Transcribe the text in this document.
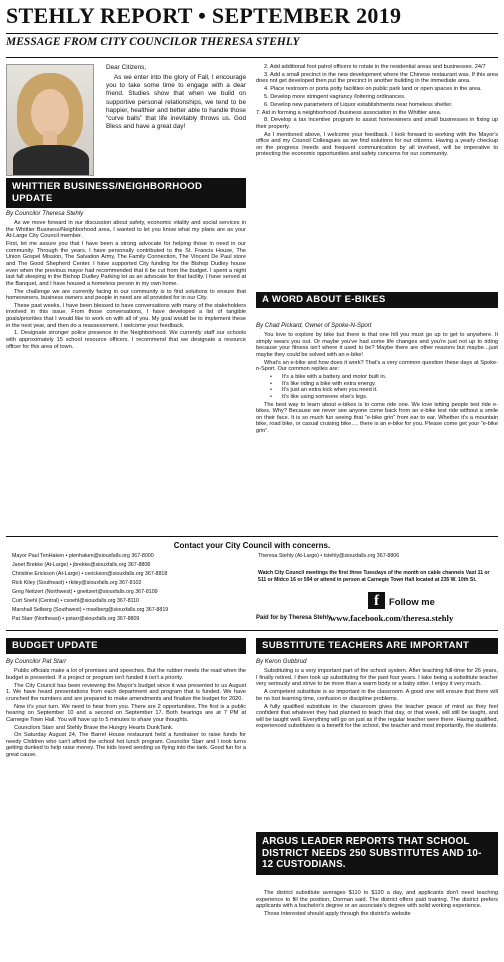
STEHLY REPORT • SEPTEMBER 2019
MESSAGE FROM CITY COUNCILOR THERESA STEHLY

Dear Citizens,

As we enter into the glory of Fall, I encourage you to take some time to engage with a dear friend. Studies show that when we build on supportive personal relationships, we tend to be happier, healthier and better able to handle those “curve balls” that life inevitably throws us. God Bless and have a great day!

WHITTIER BUSINESS/NEIGHBORHOOD UPDATE
By Councilor Theresa Stehly

As we move forward in our discussion about safety, economic vitality and social services in the Whittier Business/Neighborhood area, I wanted to let you know what my plans are as your At-Large City Council member.

First, let me assure you that I have been a strong advocate for helping those in need in our community. Through the years, I have personally contributed to the St. Francis House, The Union Gospel Mission, The Salvation Army, The Family Connection, The Vincent De Paul store and The Good Shepherd Center. I have supported City funding for the Bishop Dudley house even when the previous mayor had recommended that it be cut from the budget. I spent a night last fall sleeping in the Bishop Dudley Parking lot as an advocate for that facility. I have served at the Banquet, and I have housed a homeless person in my own home.

The challenge we are currently facing in our community is to find solutions to ensure that homeowners, business owners and people in need are all provided for in our City.

These past weeks, I have been blessed to have conversations with many of the stakeholders involved in this issue. From those conversations, I have developed a list of tangible goals/priorities that I would like to work on with all of you. My goal would be to implement these in the next year, and then do a reassessment. I welcome your feedback.

1. Designate stronger police presence in the Neighborhood. We currently staff our schools with approximately 15 school resource officers. I recommend that we designate a resource officer for this area of town.

2. Add additional foot patrol officers to rotate in the residential areas and businesses. 24/7

3. Add a small precinct in the new development where the Chinese restaurant was. If this area does not get developed then put the precinct in another building in the immediate area.

4. Place restroom or porta potty facilities on public park land or open spaces in the area.

5. Develop more stringent vagrancy /loitering ordinances.

6. Develop new parameters of Liquor establishments near homeless shelter.

7. Aid in forming a neighborhood /business association in the Whittier area.

8. Develop a tax incentive program to assist homeowners and small businesses in fixing up their property.

As I mentioned above, I welcome your feedback. I look forward to working with the Mayor's office and my Council Colleagues as we find solutions for our citizens. Having a yearly checkup on the progress /needs and frequent communication by all involved, will be imperative to protecting the economic opportunities and safety concerns for our community.

A WORD ABOUT E-BIKES
By Chad Pickard, Owner of Spoke-N-Sport

You love to explore by bike but there is that one hill you must go up to get to anywhere. It simply wears you out. Or maybe you've had some life changes and you're just not up to riding because your fitness isn't where it used to be? Maybe there are other reasons but maybe…just maybe they could be solved with an e-bike!

What's an e-bike and how does it work? That's a very common question these days at Spoke-n-Sport. Our common replies are:

• It's a bike with a battery and motor built in.
• It's like riding a bike with extra energy.
• It's just an extra kick when you need it.
• It's like using someone else's legs.

The best way to learn about e-bikes is to come ride one. We love letting people test ride e-bikes. Why? Because we never see anyone come back from an e-bike test ride without a smile on their face. It is so much fun seeing that “e-bike grin” from ear to ear. Whether it's a mountain bike, road bike, or casual cruising bike…. there is an e-bike for you. Please come get your “e-bike grin”.

Contact your City Council with concerns.
Mayor Paul TenHaken • ptenhaken@siouxfalls.org 367-8000
Janet Brekke (At-Large) • jbrekke@siouxfalls.org 367-8808
Christine Erickson (At-Large) • cerickson@siouxfalls.org 367-8818
Rick Kiley (Southeast) • rkiley@siouxfalls.org 367-8102
Greg Neitzert (Northwest) • gneitzert@siouxfalls.org 367-8109
Curt Soehl (Central) • csoehl@siouxfalls.org 367-8110
Marshall Selberg (Southwest) • mselberg@siouxfalls.org 367-8819
Pat Starr (Northeast) • pstarr@siouxfalls.org 367-8809
Theresa Stehly (At-Large) • tstehly@siouxfalls.org 367-8806
Watch City Council meetings the first three Tuesdays of the month on cable channels Vast 11 or 511 or Midco 16 or 594 or attend in person at Carnegie Town Hall located at 235 W. 10th St.
f	Follow me
Paid for by Theresa Stehly
www.facebook.com/theresa.stehly
BUDGET UPDATE
By Councilor Pat Starr

Public officials make a lot of promises and speeches. But the rubber meets the road when the budget is presented. If a project or program isn't funded it isn't a priority.

The City Council has been reviewing the Mayor's budget since it was presented to us August 1. We have heard presentations from each department and program that is funded. We have crunched the numbers and are prepared to make amendments and finalize the budget for 2020.

Now it's your turn. We need to hear from you. There are 2 opportunities. The first is a public hearing on September 10 and a second on September 17. Both hearings are at 7 PM at Carnegie Town Hall. You will have up to 5 minutes to share your thoughts.

Councilors Starr and Stehly Brave the Hungry Hearts DunkTank.

On Saturday August 24, The Barrel House restaurant held a fundraiser to raise funds for needy Children who can't afford the school hot lunch program. Councilor Starr and I took turns getting dunked to help raise money. The kids loved sending us flying into the tank. Good fun for a great cause.

SUBSTITUTE TEACHERS ARE IMPORTANT
By Keron Gubbrud

Substituting is a very important part of the school system. After teaching full-time for 26 years, I finally retired. I then took up substituting for the past four years. I take being a substitute teacher very seriously and strive to be more than a warm body or a baby sitter. I enjoy it very much.

A competent substitute is so important in the classroom. A good one will ensure that there will be no lost learning time, confusion or discipline problems.

A fully qualified substitute in the classroom gives the teacher peace of mind as they feel confident that whatever they had planned to teach that day, or that week, will still be taught, and will be taught well. Everything will go on just as if the regular teacher were there. Having qualified, experienced substitutes is a benefit for the school, the teacher and most importantly, the students.

ARGUS LEADER REPORTS THAT SCHOOL DISTRICT NEEDS 250 SUBSTITUTES AND 10-12 CUSTODIANS.

The district substitute averages $110 to $120 a day, and applicants don't need teaching experience to fill the position, Dorman said. The district offers paid training. The district prefers applicants with a bachelor's degree or an associate's degree with solid working experience.

Those interested should apply through the district's website
